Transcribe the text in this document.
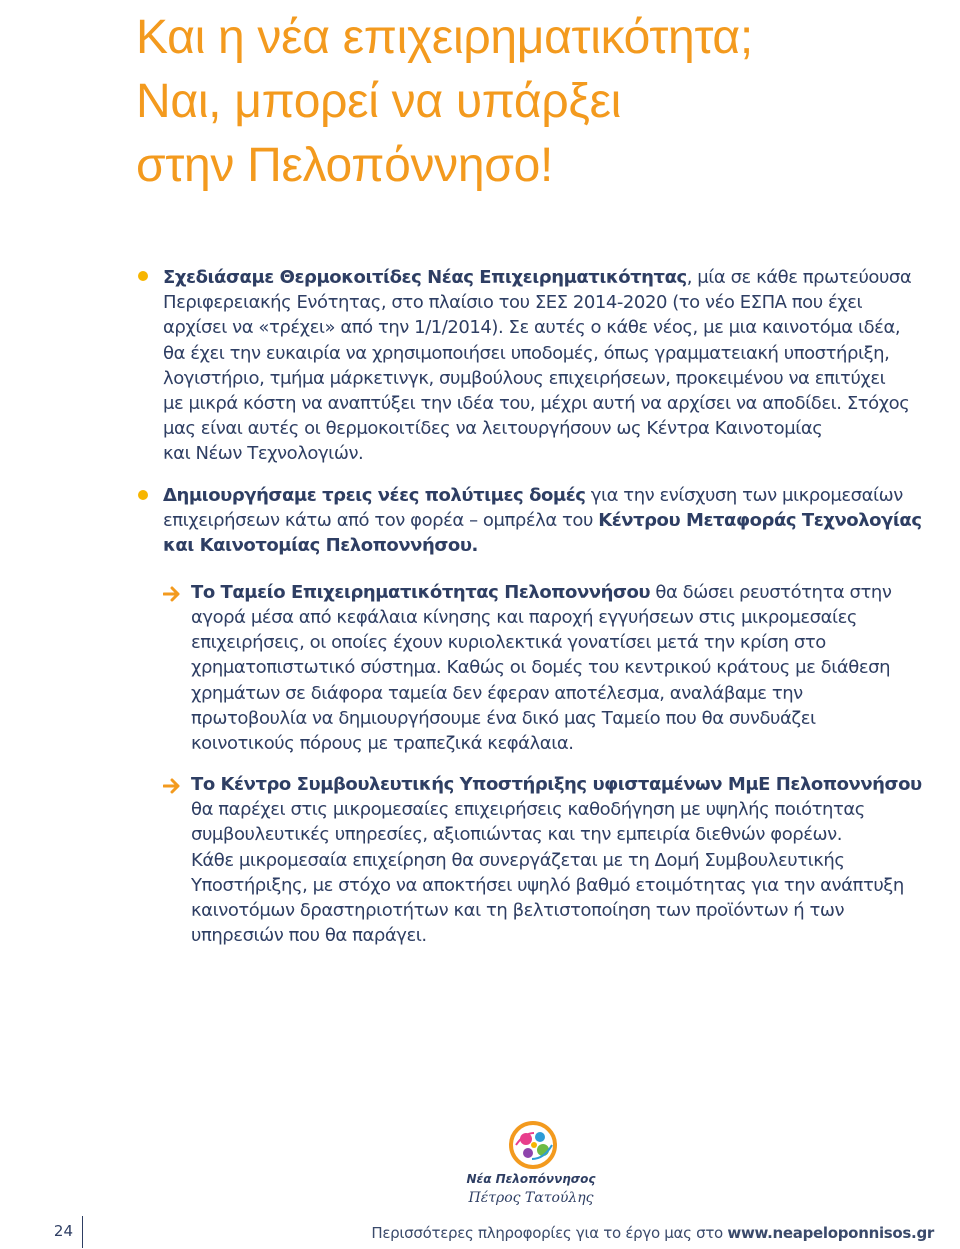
Και η νέα επιχειρηματικότητα;
Ναι, μπορεί να υπάρξει
στην Πελοπόννησο!
Σχεδιάσαμε Θερμοκοιτίδες Νέας Επιχειρηματικότητας, μία σε κάθε πρωτεύουσα
Περιφερειακής Ενότητας, στο πλαίσιο του ΣΕΣ 2014-2020 (το νέο ΕΣΠΑ που έχει
αρχίσει να «τρέχει» από την 1/1/2014). Σε αυτές ο κάθε νέος, με μια καινοτόμα ιδέα,
θα έχει την ευκαιρία να χρησιμοποιήσει υποδομές, όπως γραμματειακή υποστήριξη,
λογιστήριο, τμήμα μάρκετινγκ, συμβούλους επιχειρήσεων, προκειμένου να επιτύχει
με μικρά κόστη να αναπτύξει την ιδέα του, μέχρι αυτή να αρχίσει να αποδίδει. Στόχος
μας είναι αυτές οι θερμοκοιτίδες να λειτουργήσουν ως Κέντρα Καινοτομίας
και Νέων Τεχνολογιών.
Δημιουργήσαμε τρεις νέες πολύτιμες δομές για την ενίσχυση των μικρομεσαίων
επιχειρήσεων κάτω από τον φορέα – ομπρέλα του Κέντρου Μεταφοράς Τεχνολογίας
και Καινοτομίας Πελοποννήσου.
Το Ταμείο Επιχειρηματικότητας Πελοποννήσου θα δώσει ρευστότητα στην
αγορά μέσα από κεφάλαια κίνησης και παροχή εγγυήσεων στις μικρομεσαίες
επιχειρήσεις, οι οποίες έχουν κυριολεκτικά γονατίσει μετά την κρίση στο
χρηματοπιστωτικό σύστημα. Καθώς οι δομές του κεντρικού κράτους με διάθεση
χρημάτων σε διάφορα ταμεία δεν έφεραν αποτέλεσμα, αναλάβαμε την
πρωτοβουλία να δημιουργήσουμε ένα δικό μας Ταμείο που θα συνδυάζει
κοινοτικούς πόρους με τραπεζικά κεφάλαια.
Το Κέντρο Συμβουλευτικής Υποστήριξης υφισταμένων ΜμΕ Πελοποννήσου
θα παρέχει στις μικρομεσαίες επιχειρήσεις καθοδήγηση με υψηλής ποιότητας
συμβουλευτικές υπηρεσίες, αξιοπιώντας και την εμπειρία διεθνών φορέων.
Κάθε μικρομεσαία επιχείρηση θα συνεργάζεται με τη Δομή Συμβουλευτικής
Υποστήριξης, με στόχο να αποκτήσει υψηλό βαθμό ετοιμότητας για την ανάπτυξη
καινοτόμων δραστηριοτήτων και τη βελτιστοποίηση των προϊόντων ή των
υπηρεσιών που θα παράγει.
Νέα Πελοπόννησος
Πέτρος Τατούλης
24	Περισσότερες πληροφορίες για το έργο μας στο www.neapeloponnisos.gr
